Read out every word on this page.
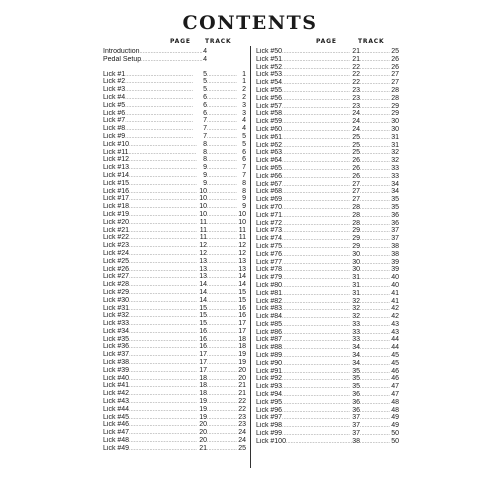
CONTENTS
PAGE TRACK	PAGE	TRACK
Introduction . . .	4
Pedal Setup . . .	4
Lick #1 . . .	5 . . .	1
Lick #2 . . .	5 . . .	1
Lick #3 . . .	5 . . .	2
Lick #4 . . .	6 . . .	2
Lick #5 . . .	6 . . .	3
Lick #6 . . .	6 . . .	3
Lick #7 . . .	7 . . .	4
Lick #8 . . .	7 . . .	4
Lick #9 . . .	7 . . .	5
Lick #10 . . .	8 . . .	5
Lick #11 . . .	8 . . .	6
Lick #12 . . .	8 . . .	6
Lick #13 . . .	9 . . .	7
Lick #14 . . .	9 . . .	7
Lick #15 . . .	9 . . .	8
Lick #16 . . .	10 . . .	8
Lick #17 . . .	10 . . .	9
Lick #18 . . .	10 . . .	9
Lick #19 . . .	10 . . .	10
Lick #20 . . .	11 . . .	10
Lick #21 . . .	11 . . .	11
Lick #22 . . .	11 . . .	11
Lick #23 . . .	12 . . .	12
Lick #24 . . .	12 . . .	12
Lick #25 . . .	13 . . .	13
Lick #26 . . .	13 . . .	13
Lick #27 . . .	13 . . .	14
Lick #28 . . .	14 . . .	14
Lick #29 . . .	14 . . .	15
Lick #30 . . .	14 . . .	15
Lick #31 . . .	15 . . .	16
Lick #32 . . .	15 . . .	16
Lick #33 . . .	15 . . .	17
Lick #34 . . .	16 . . .	17
Lick #35 . . .	16 . . .	18
Lick #36 . . .	16 . . .	18
Lick #37 . . .	17 . . .	19
Lick #38 . . .	17 . . .	19
Lick #39 . . .	17 . . .	20
Lick #40 . . .	18 . . .	20
Lick #41 . . .	18 . . .	21
Lick #42 . . .	18 . . .	21
Lick #43 . . .	19 . . .	22
Lick #44 . . .	19 . . .	22
Lick #45 . . .	19 . . .	23
Lick #46 . . .	20 . . .	23
Lick #47 . . .	20 . . .	24
Lick #48 . . .	20 . . .	24
Lick #49 . . .	21 . . .	25
Lick #50 . . .	21 . . .	25
Lick #51 . . .	21 . . .	26
Lick #52 . . .	22 . . .	26
Lick #53 . . .	22 . . .	27
Lick #54 . . .	22 . . .	27
Lick #55 . . .	23 . . .	28
Lick #56 . . .	23 . . .	28
Lick #57 . . .	23 . . .	29
Lick #58 . . .	24 . . .	29
Lick #59 . . .	24 . . .	30
Lick #60 . . .	24 . . .	30
Lick #61 . . .	25 . . .	31
Lick #62 . . .	25 . . .	31
Lick #63 . . .	25 . . .	32
Lick #64 . . .	26 . . .	32
Lick #65 . . .	26 . . .	33
Lick #66 . . .	26 . . .	33
Lick #67 . . .	27 . . .	34
Lick #68 . . .	27 . . .	34
Lick #69 . . .	27 . . .	35
Lick #70 . . .	28 . . .	35
Lick #71 . . .	28 . . .	36
Lick #72 . . .	28 . . .	36
Lick #73 . . .	29 . . .	37
Lick #74 . . .	29 . . .	37
Lick #75 . . .	29 . . .	38
Lick #76 . . .	30 . . .	38
Lick #77 . . .	30 . . .	39
Lick #78 . . .	30 . . .	39
Lick #79 . . .	31 . . .	40
Lick #80 . . .	31 . . .	40
Lick #81 . . .	31 . . .	41
Lick #82 . . .	32 . . .	41
Lick #83 . . .	32 . . .	42
Lick #84 . . .	32 . . .	42
Lick #85 . . .	33 . . .	43
Lick #86 . . .	33 . . .	43
Lick #87 . . .	33 . . .	44
Lick #88 . . .	34 . . .	44
Lick #89 . . .	34 . . .	45
Lick #90 . . .	34 . . .	45
Lick #91 . . .	35 . . .	46
Lick #92 . . .	35 . . .	46
Lick #93 . . .	35 . . .	47
Lick #94 . . .	36 . . .	47
Lick #95 . . .	36 . . .	48
Lick #96 . . .	36 . . .	48
Lick #97 . . .	37 . . .	49
Lick #98 . . .	37 . . .	49
Lick #99 . . .	37 . . .	50
Lick #100 . . .	38 . . .	50
